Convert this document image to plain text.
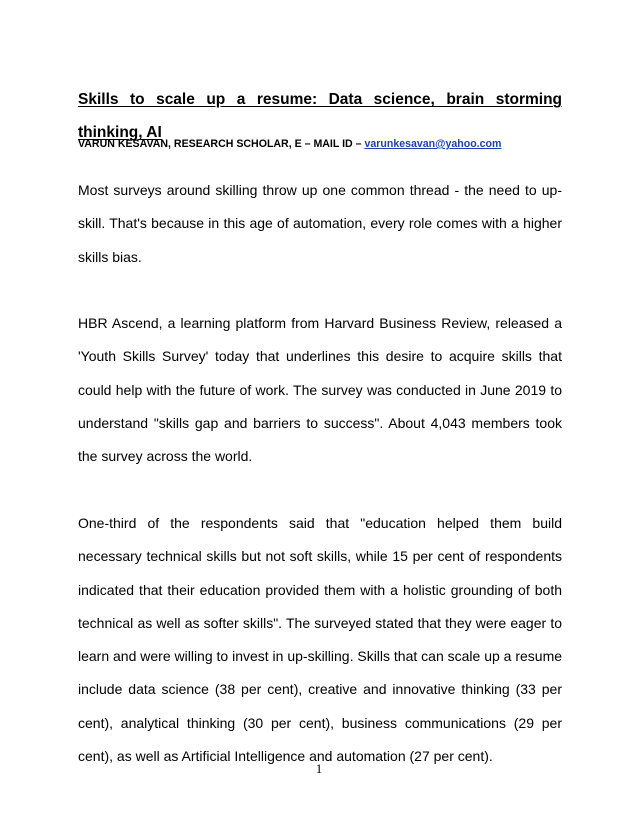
Skills to scale up a resume: Data science, brain storming thinking, AI

VARUN KESAVAN, RESEARCH SCHOLAR, E – MAIL ID – varunkesavan@yahoo.com

Most surveys around skilling throw up one common thread - the need to up-skill. That's because in this age of automation, every role comes with a higher skills bias.

HBR Ascend, a learning platform from Harvard Business Review, released a 'Youth Skills Survey' today that underlines this desire to acquire skills that could help with the future of work. The survey was conducted in June 2019 to understand "skills gap and barriers to success". About 4,043 members took the survey across the world.

One-third of the respondents said that "education helped them build necessary technical skills but not soft skills, while 15 per cent of respondents indicated that their education provided them with a holistic grounding of both technical as well as softer skills". The surveyed stated that they were eager to learn and were willing to invest in up-skilling. Skills that can scale up a resume include data science (38 per cent), creative and innovative thinking (33 per cent), analytical thinking (30 per cent), business communications (29 per cent), as well as Artificial Intelligence and automation (27 per cent).

1
